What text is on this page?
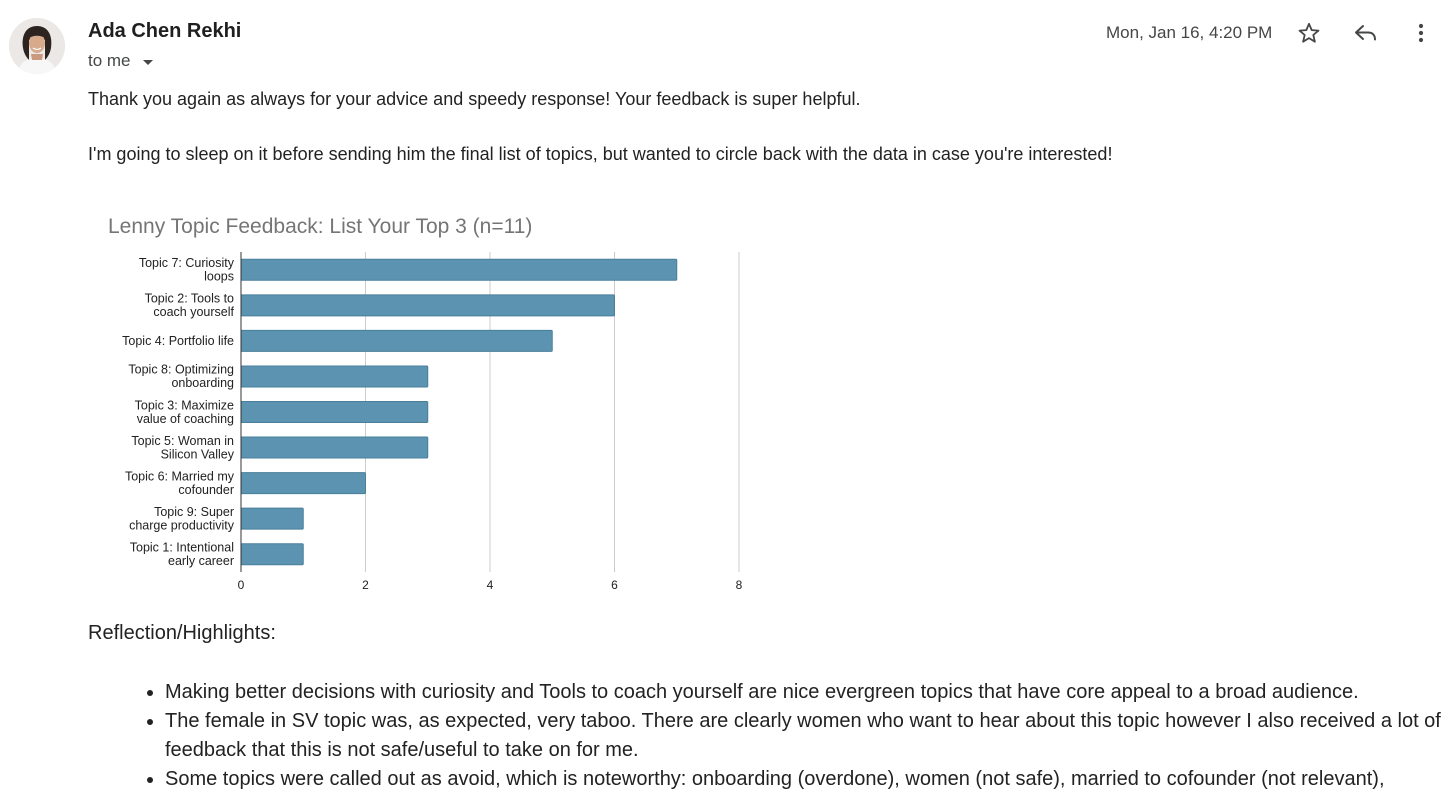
Ada Chen Rekhi
to me
Mon, Jan 16, 4:20 PM
Thank you again as always for your advice and speedy response! Your feedback is super helpful.
I'm going to sleep on it before sending him the final list of topics, but wanted to circle back with the data in case you're interested!
Lenny Topic Feedback: List Your Top 3 (n=11)
0	2	4	6	8
Topic 7: Curiosity
loops
Topic 2: Tools to
coach yourself
Topic 4: Portfolio life
Topic 8: Optimizing
onboarding
Topic 3: Maximize
value of coaching
Topic 5: Woman in
Silicon Valley
Topic 6: Married my
cofounder
Topic 9: Super
charge productivity
Topic 1: Intentional
early career
Reflection/Highlights:
• Making better decisions with curiosity and Tools to coach yourself are nice evergreen topics that have core appeal to a broad audience.
• The female in SV topic was, as expected, very taboo. There are clearly women who want to hear about this topic however I also received a lot of feedback that this is not safe/useful to take on for me.
• Some topics were called out as avoid, which is noteworthy: onboarding (overdone), women (not safe), married to cofounder (not relevant),
